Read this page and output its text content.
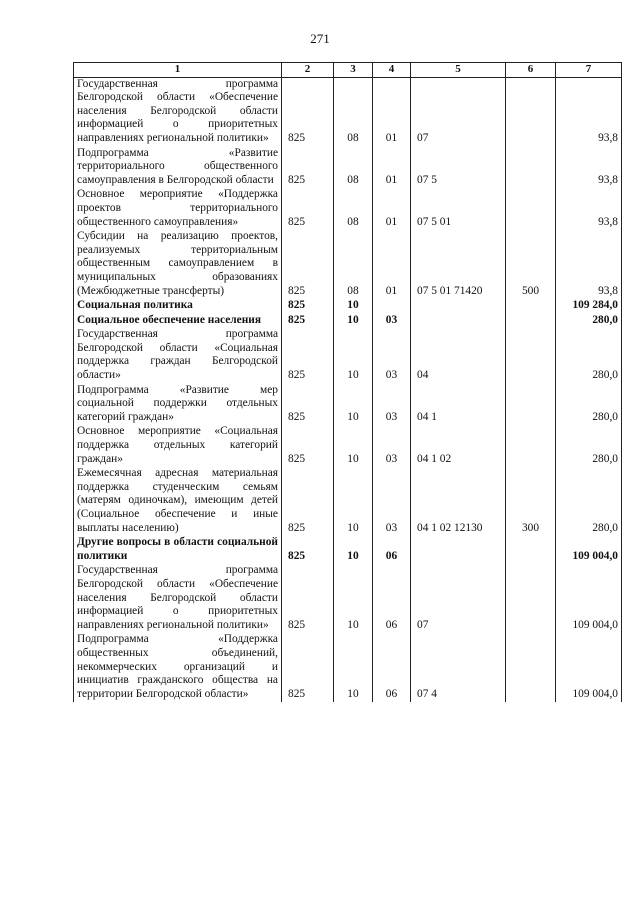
271
1	2	3	4	5	6	7
Государственная программа Белгородской области «Обеспечение населения Белгородской области информацией о приоритетных направлениях региональной политики»	825	08	01	07		93,8
Подпрограмма «Развитие территориального общественного самоуправления в Белгородской области	825	08	01	07 5		93,8
Основное мероприятие «Поддержка проектов территориального общественного самоуправления»	825	08	01	07 5 01		93,8
Субсидии на реализацию проектов, реализуемых территориальным общественным самоуправлением в муниципальных образованиях (Межбюджетные трансферты)	825	08	01	07 5 01 71420	500	93,8
Социальная политика	825	10				109 284,0
Социальное обеспечение населения	825	10	03			280,0
Государственная программа Белгородской области «Социальная поддержка граждан Белгородской области»	825	10	03	04		280,0
Подпрограмма «Развитие мер социальной поддержки отдельных категорий граждан»	825	10	03	04 1		280,0
Основное мероприятие «Социальная поддержка отдельных категорий граждан»	825	10	03	04 1 02		280,0
Ежемесячная адресная материальная поддержка студенческим семьям (матерям одиночкам), имеющим детей (Социальное обеспечение и иные выплаты населению)	825	10	03	04 1 02 12130	300	280,0
Другие вопросы в области социальной политики	825	10	06			109 004,0
Государственная программа Белгородской области «Обеспечение населения Белгородской области информацией о приоритетных направлениях региональной политики»	825	10	06	07		109 004,0
Подпрограмма «Поддержка общественных объединений, некоммерческих организаций и инициатив гражданского общества на территории Белгородской области»	825	10	06	07 4		109 004,0
